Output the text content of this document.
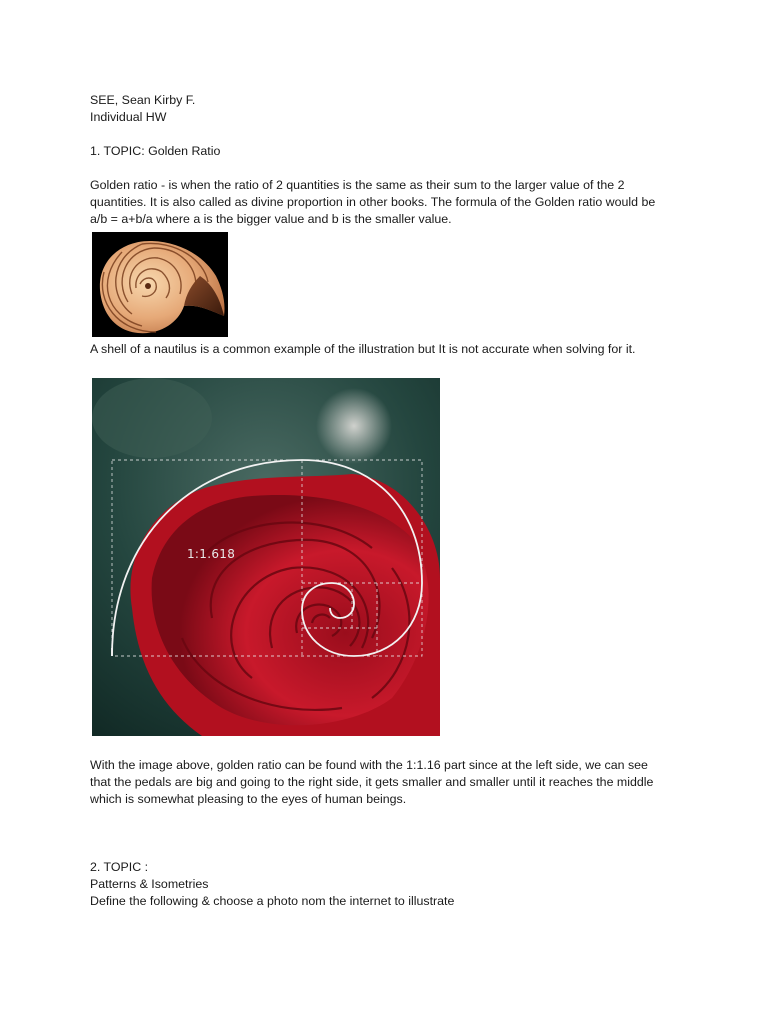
SEE, Sean Kirby F.
Individual HW
1. TOPIC: Golden Ratio
Golden ratio - is when the ratio of 2 quantities is the same as their sum to the larger value of the 2
quantities. It is also called as divine proportion in other books. The formula of the Golden ratio would be
a/b = a+b/a where a is the bigger value and b is the smaller value.
A shell of a nautilus is a common example of the illustration but It is not accurate when solving for it.
1:1.618
With the image above, golden ratio can be found with the 1:1.16 part since at the left side, we can see
that the pedals are big and going to the right side, it gets smaller and smaller until it reaches the middle
which is somewhat pleasing to the eyes of human beings.
2. TOPIC :
Patterns & Isometries
Define the following & choose a photo nom the internet to illustrate
